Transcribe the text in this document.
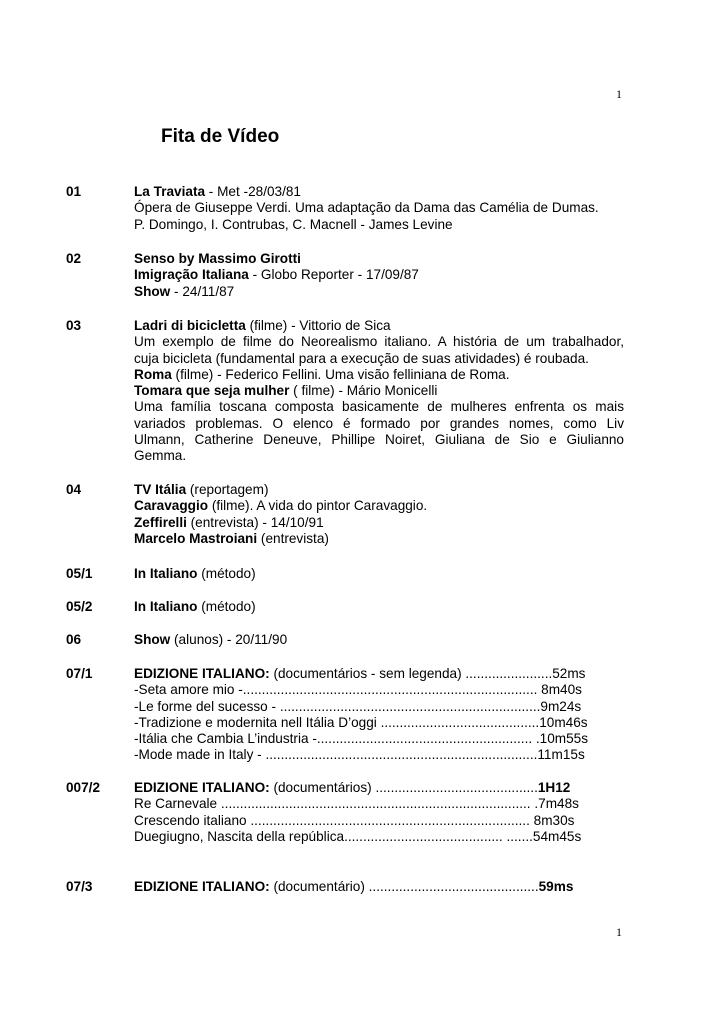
1
Fita de Vídeo
01	La Traviata - Met -28/03/81
Ópera de Giuseppe Verdi. Uma adaptação da Dama das Camélia de Dumas.
P. Domingo, I. Contrubas, C. Macnell - James Levine
02	Senso by Massimo Girotti
Imigração Italiana - Globo Reporter - 17/09/87
Show - 24/11/87
03	Ladri di bicicletta (filme) - Vittorio de Sica
Um exemplo de filme do Neorealismo italiano. A história de um trabalhador,
cuja bicicleta (fundamental para a execução de suas atividades) é roubada.
Roma (filme) - Federico Fellini. Uma visão felliniana de Roma.
Tomara que seja mulher ( filme) - Mário Monicelli
Uma família toscana composta basicamente de mulheres enfrenta os mais
variados problemas. O elenco é formado por grandes nomes, como Liv
Ulmann, Catherine Deneuve, Phillipe Noiret, Giuliana de Sio e Giulianno
Gemma.
04	TV Itália (reportagem)
Caravaggio (filme). A vida do pintor Caravaggio.
Zeffirelli (entrevista) - 14/10/91
Marcelo Mastroiani (entrevista)
05/1	In Italiano (método)
05/2	In Italiano (método)
06	Show (alunos) - 20/11/90
07/1	EDIZIONE ITALIANO: (documentários - sem legenda) .......................52ms
-Seta amore mio -.............................................................................. 8m40s
-Le forme del sucesso - .....................................................................9m24s
-Tradizione e modernita nell Itália D’oggi ..........................................10m46s
-Itália che Cambia L’industria -......................................................... .10m55s
-Mode made in Italy - ........................................................................11m15s
007/2 EDIZIONE ITALIANO: (documentários) ...........................................1H12
Re Carnevale .................................................................................. .7m48s
Crescendo italiano .......................................................................... 8m30s
Duegiugno, Nascita della república.......................................... .......54m45s
07/3	EDIZIONE ITALIANO: (documentário) .............................................59ms
1
